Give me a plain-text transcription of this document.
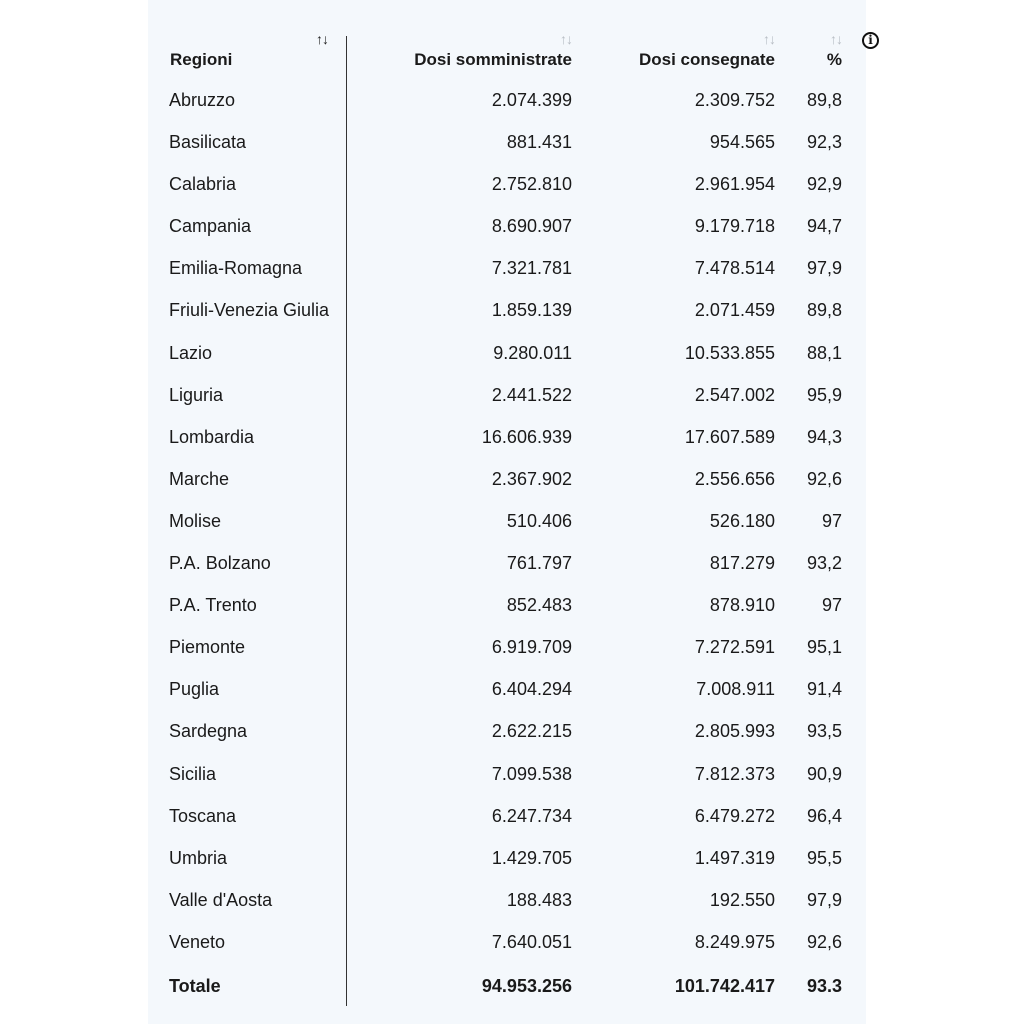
↑↓
Regioni
↑↓
Dosi somministrate
↑↓
Dosi consegnate
↑↓
%
i
Abruzzo	2.074.399	2.309.752 89,8
Basilicata	881.431	954.565 92,3
Calabria	2.752.810	2.961.954 92,9
Campania	8.690.907	9.179.718 94,7
Emilia-Romagna	7.321.781	7.478.514 97,9
Friuli-Venezia Giulia	1.859.139	2.071.459 89,8
Lazio	9.280.011	10.533.855 88,1
Liguria	2.441.522	2.547.002 95,9
Lombardia	16.606.939	17.607.589 94,3
Marche	2.367.902	2.556.656 92,6
Molise	510.406	526.180	97
P.A. Bolzano	761.797	817.279 93,2
P.A. Trento	852.483	878.910	97
Piemonte	6.919.709	7.272.591 95,1
Puglia	6.404.294	7.008.911 91,4
Sardegna	2.622.215	2.805.993 93,5
Sicilia	7.099.538	7.812.373 90,9
Toscana	6.247.734	6.479.272 96,4
Umbria	1.429.705	1.497.319 95,5
Valle d'Aosta	188.483	192.550 97,9
Veneto	7.640.051	8.249.975 92,6
Totale	94.953.256	101.742.417 93.3
